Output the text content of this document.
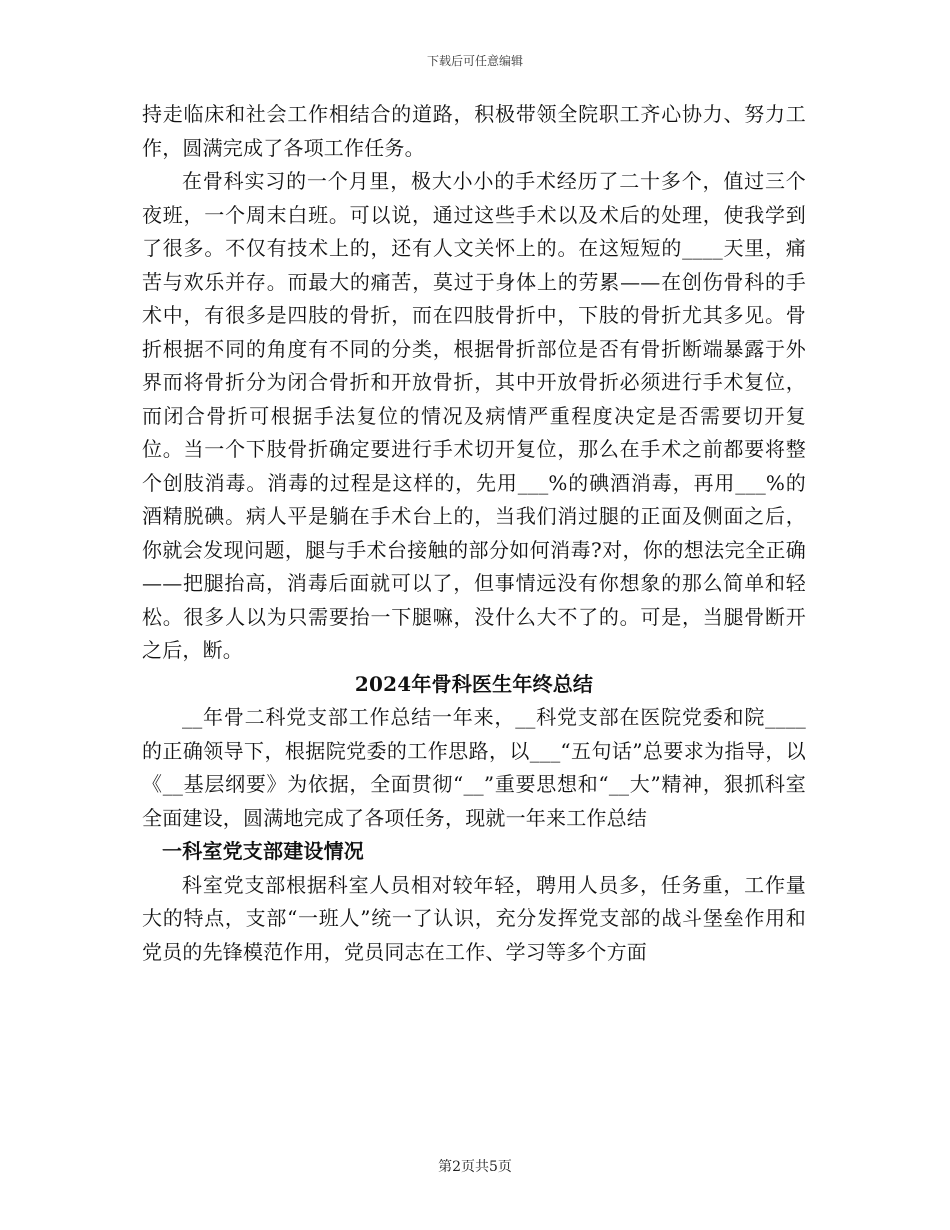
下载后可任意编辑

持走临床和社会工作相结合的道路，积极带领全院职工齐心协力、努力工作，圆满完成了各项工作任务。

在骨科实习的一个月里，极大小小的手术经历了二十多个，值过三个夜班，一个周末白班。可以说，通过这些手术以及术后的处理，使我学到了很多。不仅有技术上的，还有人文关怀上的。在这短短的____天里，痛苦与欢乐并存。而最大的痛苦，莫过于身体上的劳累——在创伤骨科的手术中，有很多是四肢的骨折，而在四肢骨折中，下肢的骨折尤其多见。骨折根据不同的角度有不同的分类，根据骨折部位是否有骨折断端暴露于外界而将骨折分为闭合骨折和开放骨折，其中开放骨折必须进行手术复位，而闭合骨折可根据手法复位的情况及病情严重程度决定是否需要切开复位。当一个下肢骨折确定要进行手术切开复位，那么在手术之前都要将整个创肢消毒。消毒的过程是这样的，先用___%的碘酒消毒，再用___%的酒精脱碘。病人平是躺在手术台上的，当我们消过腿的正面及侧面之后，你就会发现问题，腿与手术台接触的部分如何消毒?对，你的想法完全正确——把腿抬高，消毒后面就可以了，但事情远没有你想象的那么简单和轻松。很多人以为只需要抬一下腿嘛，没什么大不了的。可是，当腿骨断开之后，断。

2024年骨科医生年终总结

__年骨二科党支部工作总结一年来，__科党支部在医院党委和院____的正确领导下，根据院党委的工作思路，以___“五句话”总要求为指导，以《__基层纲要》为依据，全面贯彻“__”重要思想和“__大”精神，狠抓科室全面建设，圆满地完成了各项任务，现就一年来工作总结

一科室党支部建设情况

科室党支部根据科室人员相对较年轻，聘用人员多，任务重，工作量大的特点，支部“一班人”统一了认识，充分发挥党支部的战斗堡垒作用和党员的先锋模范作用，党员同志在工作、学习等多个方面

第2页共5页
